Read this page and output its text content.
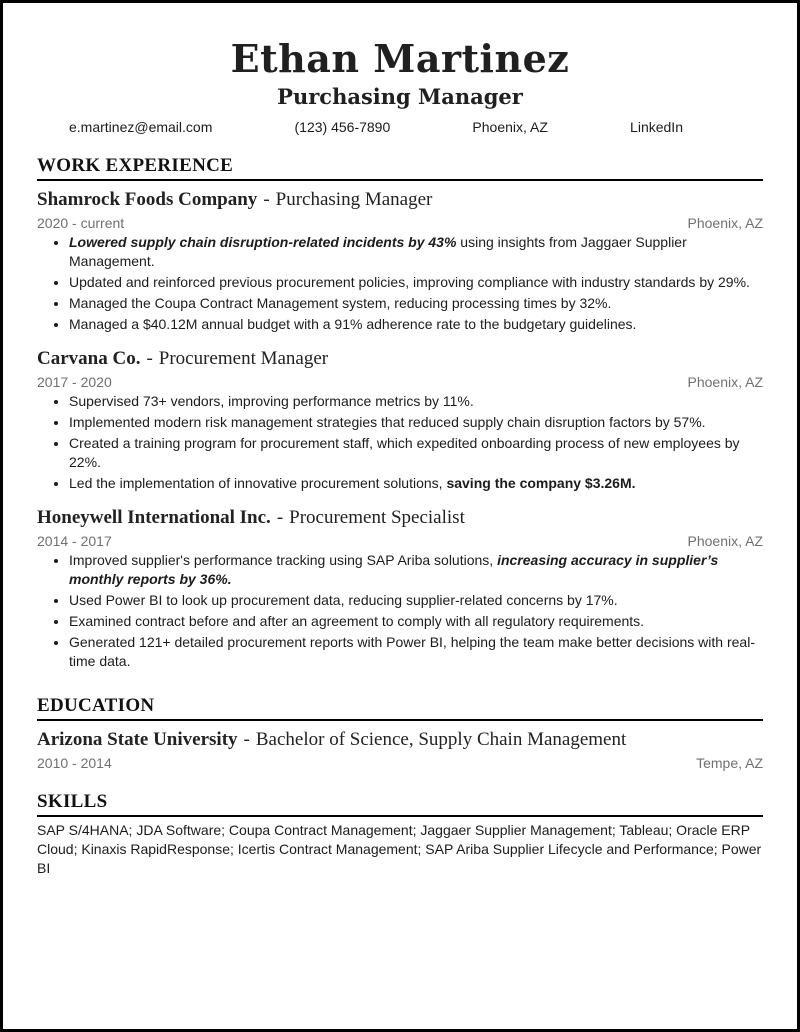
Ethan Martinez
Purchasing Manager
e.martinez@email.com	(123) 456-7890	Phoenix, AZ	LinkedIn
WORK EXPERIENCE
Shamrock Foods Company - Purchasing Manager
2020 - current	Phoenix, AZ
• Lowered supply chain disruption-related incidents by 43% using insights from Jaggaer Supplier Management.
• Updated and reinforced previous procurement policies, improving compliance with industry standards by 29%.
• Managed the Coupa Contract Management system, reducing processing times by 32%.
• Managed a $40.12M annual budget with a 91% adherence rate to the budgetary guidelines.
Carvana Co. - Procurement Manager
2017 - 2020	Phoenix, AZ
• Supervised 73+ vendors, improving performance metrics by 11%.
• Implemented modern risk management strategies that reduced supply chain disruption factors by 57%.
• Created a training program for procurement staff, which expedited onboarding process of new employees by 22%.
• Led the implementation of innovative procurement solutions, saving the company $3.26M.
Honeywell International Inc. - Procurement Specialist
2014 - 2017	Phoenix, AZ
• Improved supplier's performance tracking using SAP Ariba solutions, increasing accuracy in supplier’s monthly reports by 36%.
• Used Power BI to look up procurement data, reducing supplier-related concerns by 17%.
• Examined contract before and after an agreement to comply with all regulatory requirements.
• Generated 121+ detailed procurement reports with Power BI, helping the team make better decisions with real-time data.
EDUCATION
Arizona State University - Bachelor of Science, Supply Chain Management
2010 - 2014	Tempe, AZ
SKILLS
SAP S/4HANA; JDA Software; Coupa Contract Management; Jaggaer Supplier Management; Tableau; Oracle ERP Cloud; Kinaxis RapidResponse; Icertis Contract Management; SAP Ariba Supplier Lifecycle and Performance; Power BI
